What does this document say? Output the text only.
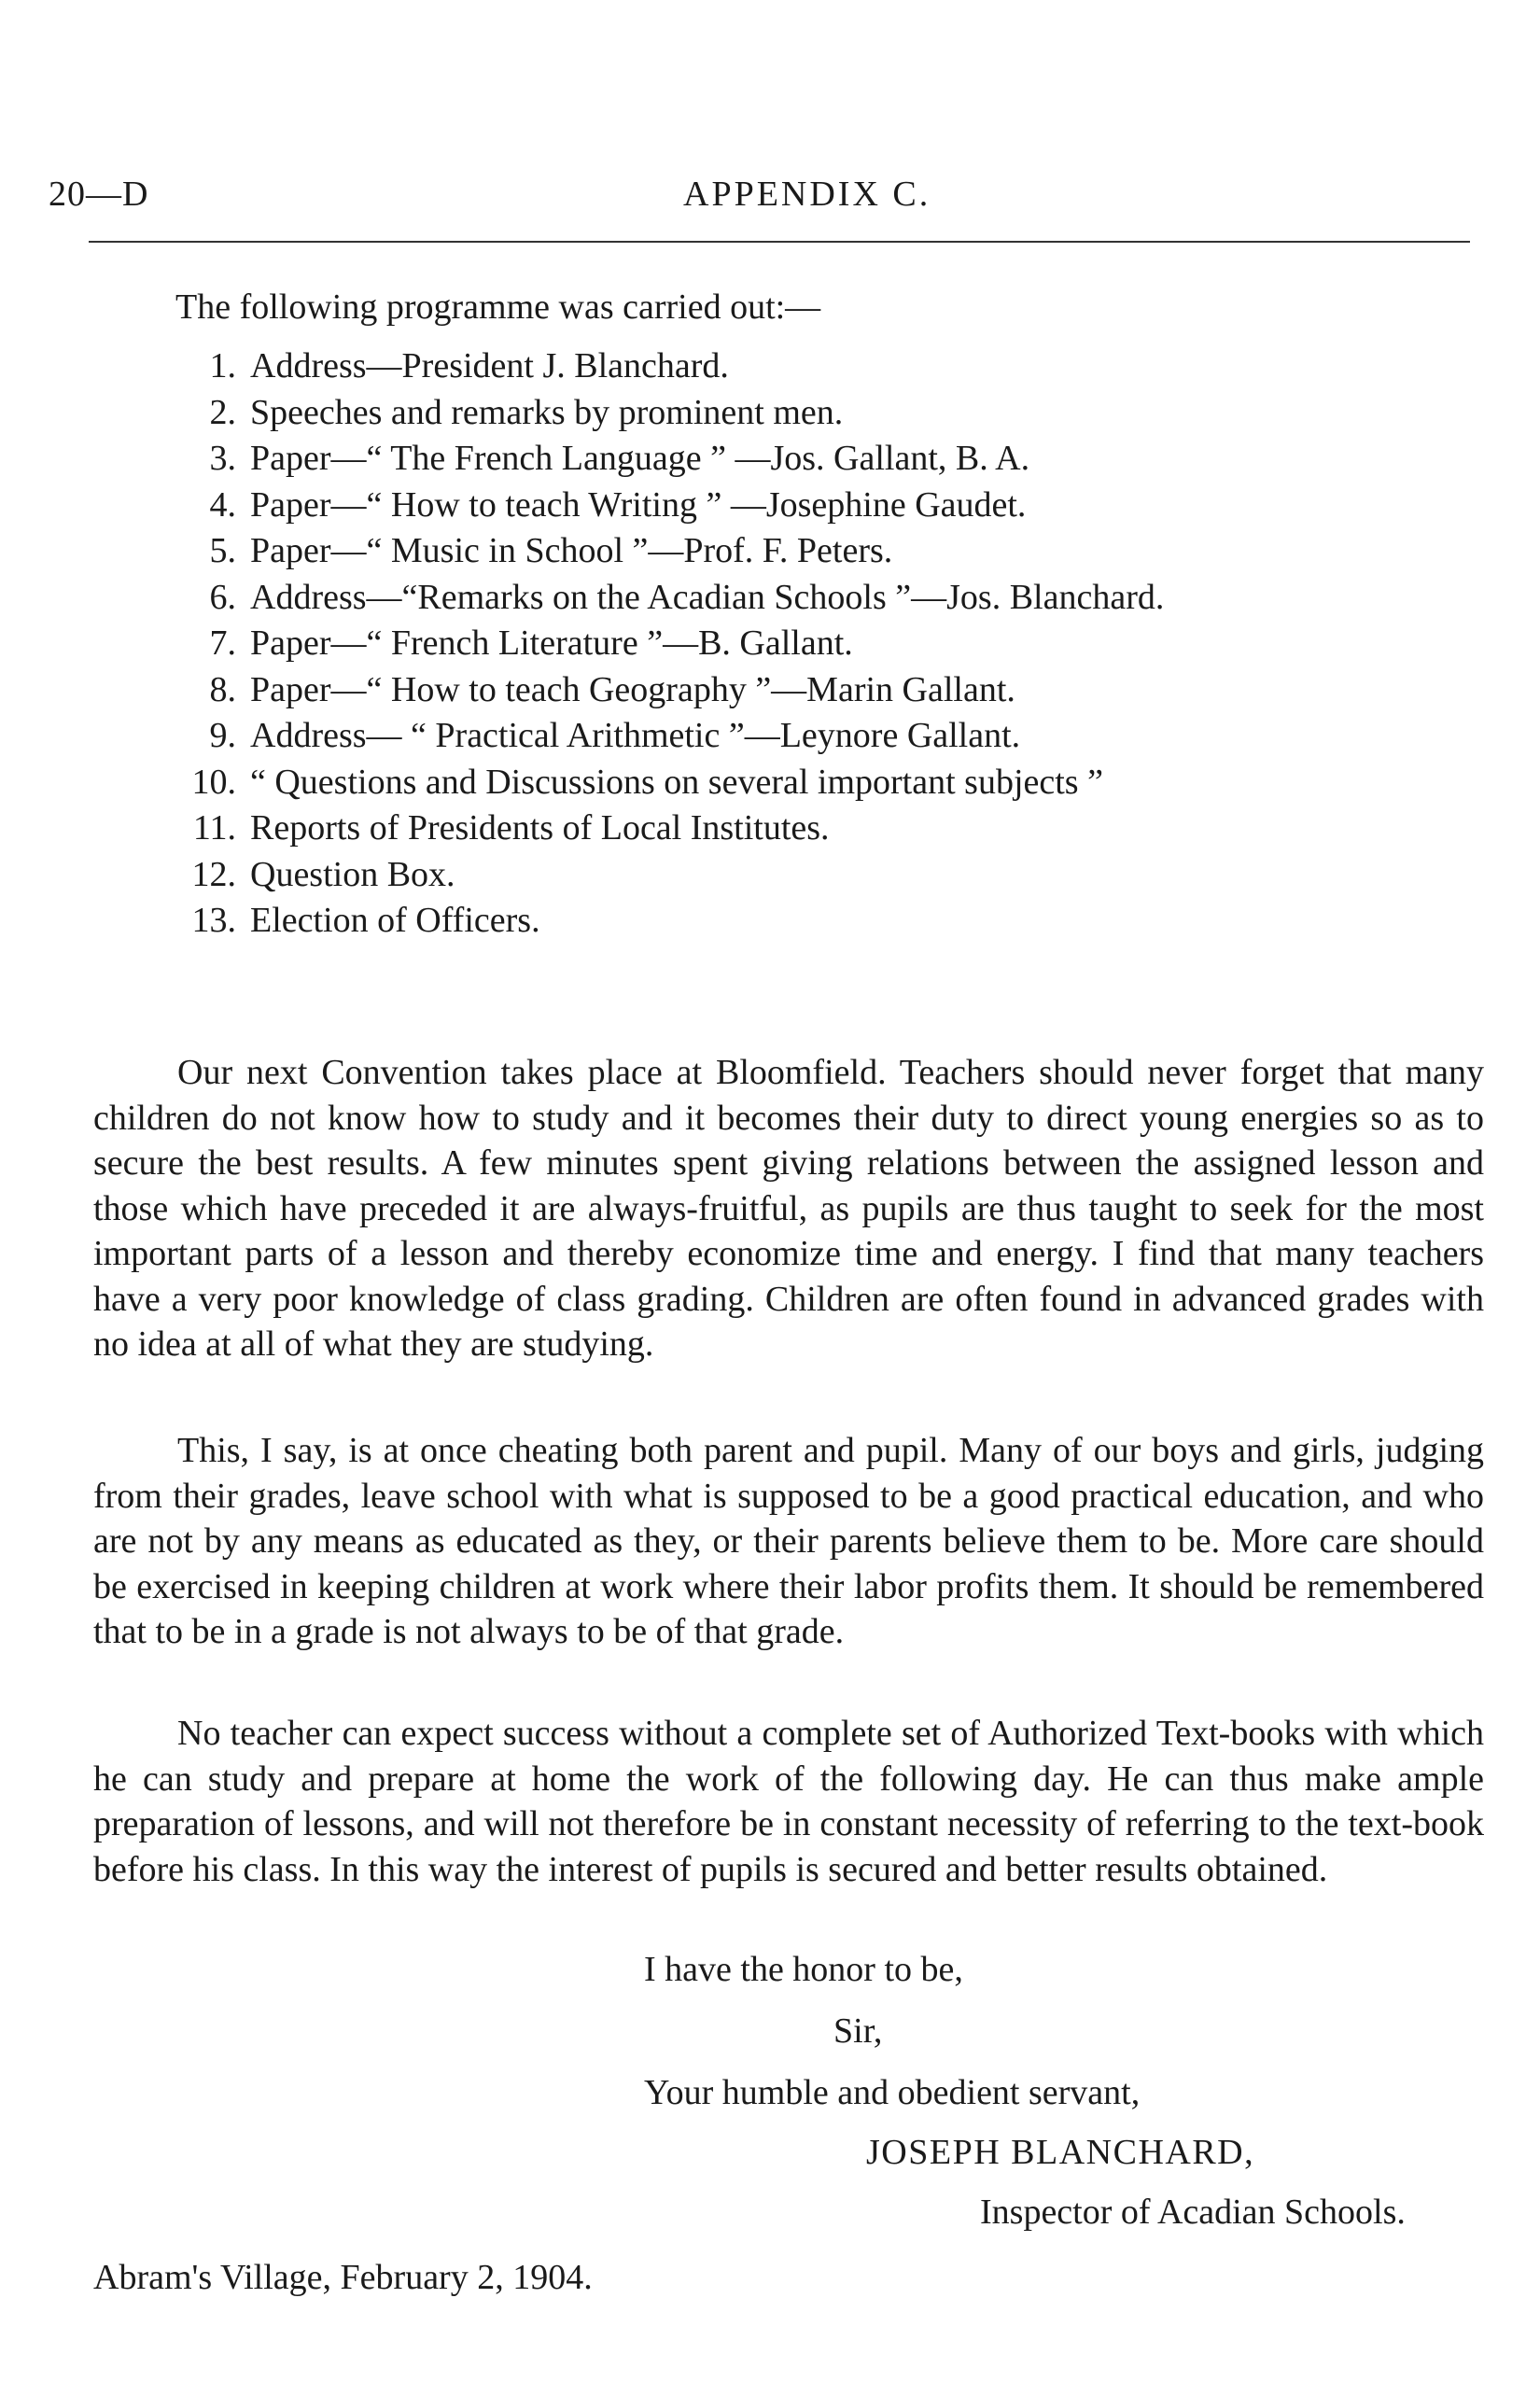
20—D	APPENDIX C.
The following programme was carried out:—
1. Address—President J. Blanchard.
2. Speeches and remarks by prominent men.
3. Paper—“ The French Language ” —Jos. Gallant, B. A.
4. Paper—“ How to teach Writing ” —Josephine Gaudet.
5. Paper—“ Music in School ”—Prof. F. Peters.
6. Address—“Remarks on the Acadian Schools ”—Jos. Blanchard.
7. Paper—“ French Literature ”—B. Gallant.
8. Paper—“ How to teach Geography ”—Marin Gallant.
9. Address— “ Practical Arithmetic ”—Leynore Gallant.
10. “ Questions and Discussions on several important subjects ”
11. Reports of Presidents of Local Institutes.
12. Question Box.
13. Election of Officers.

Our next Convention takes place at Bloomfield. Teachers should never forget that many children do not know how to study and it becomes their duty to direct young energies so as to secure the best results. A few minutes spent giving relations between the assigned lesson and those which have preceded it are always-fruitful, as pupils are thus taught to seek for the most important parts of a lesson and thereby economize time and energy. I find that many teachers have a very poor knowledge of class grading. Children are often found in advanced grades with no idea at all of what they are studying.

This, I say, is at once cheating both parent and pupil. Many of our boys and girls, judging from their grades, leave school with what is supposed to be a good practical education, and who are not by any means as educated as they, or their parents believe them to be. More care should be exercised in keeping children at work where their labor profits them. It should be remembered that to be in a grade is not always to be of that grade.

No teacher can expect success without a complete set of Authorized Text-books with which he can study and prepare at home the work of the following day. He can thus make ample preparation of lessons, and will not therefore be in constant necessity of referring to the text-book before his class. In this way the interest of pupils is secured and better results obtained.

I have the honor to be,
Sir,
Your humble and obedient servant,
JOSEPH BLANCHARD,
Inspector of Acadian Schools.
Abram's Village, February 2, 1904.
